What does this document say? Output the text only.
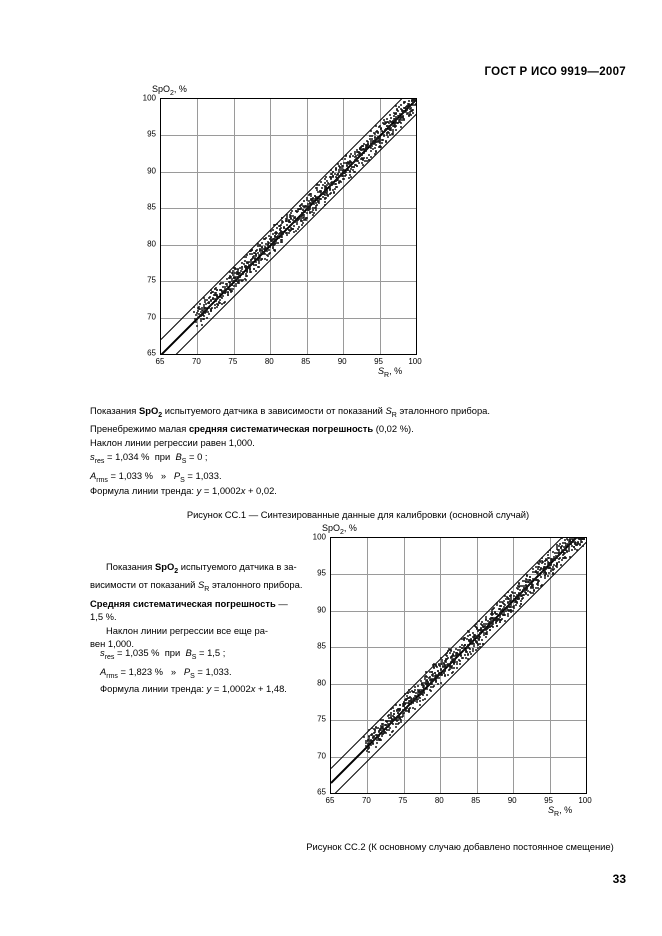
ГОСТ Р ИСО 9919—2007
SpO$_2$, %
$S_R$, %
65	70	75	80	85	90	95	100
65
70
75
80
85
90
95
100
Показания SpO$_2$ испытуемого датчика в зависимости от показаний $S_R$ эталонного прибора.
Пренебрежимо малая средняя систематическая погрешность (0,02 %).
Наклон линии регрессии равен 1,000.
$s_{res} = 1,034$ %  при  $B_S = 0$ ;
$A_{rms} = 1,033$ %   »   $P_S = 1,033$.
Формула линии тренда: y = 1,0002x + 0,02.
Рисунок СС.1 — Синтезированные данные для калибровки (основной случай)
Показания SpO$_2$ испытуемого датчика в за-
висимости от показаний $S_R$ эталонного прибора.
Средняя систематическая погрешность —
1,5 %.
Наклон линии регрессии все еще ра-
вен 1,000.
$s_{res} = 1,035$ %  при  $B_S = 1,5$ ;
$A_{rms} = 1,823$ %   »   $P_S = 1,033$.
Формула линии тренда: y = 1,0002x + 1,48.
SpO$_2$, %
$S_R$, %
65	70	75	80	85	90	95	100
65
70
75
80
85
90
95
100
Рисунок СС.2 (К основному случаю добавлено постоянное смещение)
33
